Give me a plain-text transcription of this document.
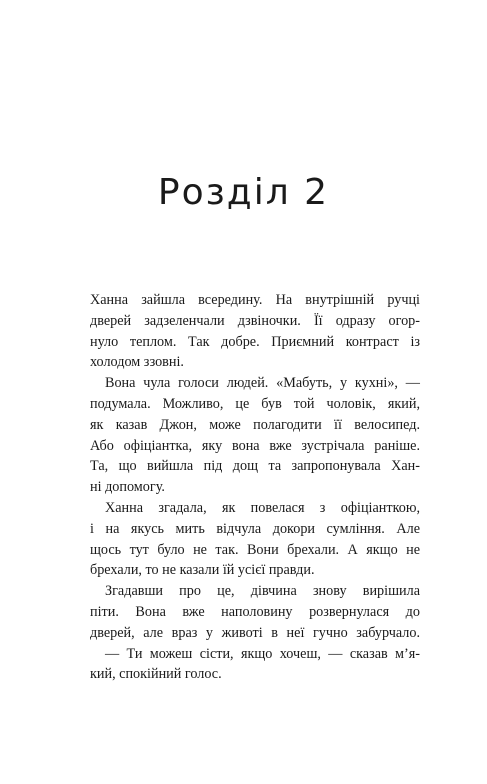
Розділ 2
Ханна зайшла всередину. На внутрішній ручці
дверей задзеленчали дзвіночки. Її одразу огор-
нуло теплом. Так добре. Приємний контраст із
холодом ззовні.
Вона чула голоси людей. «Мабуть, у кухні», —
подумала. Можливо, це був той чоловік, який,
як казав Джон, може полагодити її велосипед.
Або офіціантка, яку вона вже зустрічала раніше.
Та, що вийшла під дощ та запропонувала Хан-
ні допомогу.
Ханна згадала, як повелася з офіціанткою,
і на якусь мить відчула докори сумління. Але
щось тут було не так. Вони брехали. А якщо не
брехали, то не казали їй усієї правди.
Згадавши про це, дівчина знову вирішила
піти. Вона вже наполовину розвернулася до
дверей, але враз у животі в неї гучно забурчало.
— Ти можеш сісти, якщо хочеш, — сказав м’я-
кий, спокійний голос.
